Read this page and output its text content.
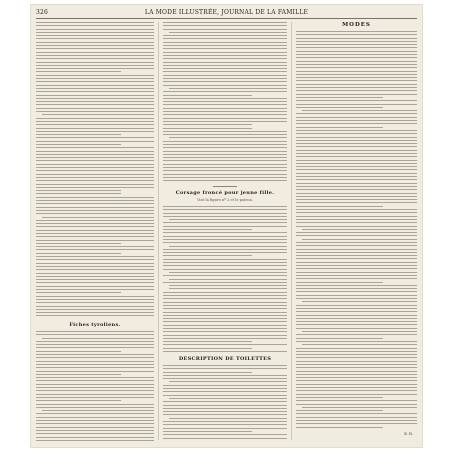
326	LA MODE ILLUSTRÉE, JOURNAL DE LA FAMILLE
Fiches tyroliens.
Corsage froncé pour jeune fille.
Voir la figure nº 2 et le patron.
DESCRIPTION DE TOILETTES
MODES
E. R.
